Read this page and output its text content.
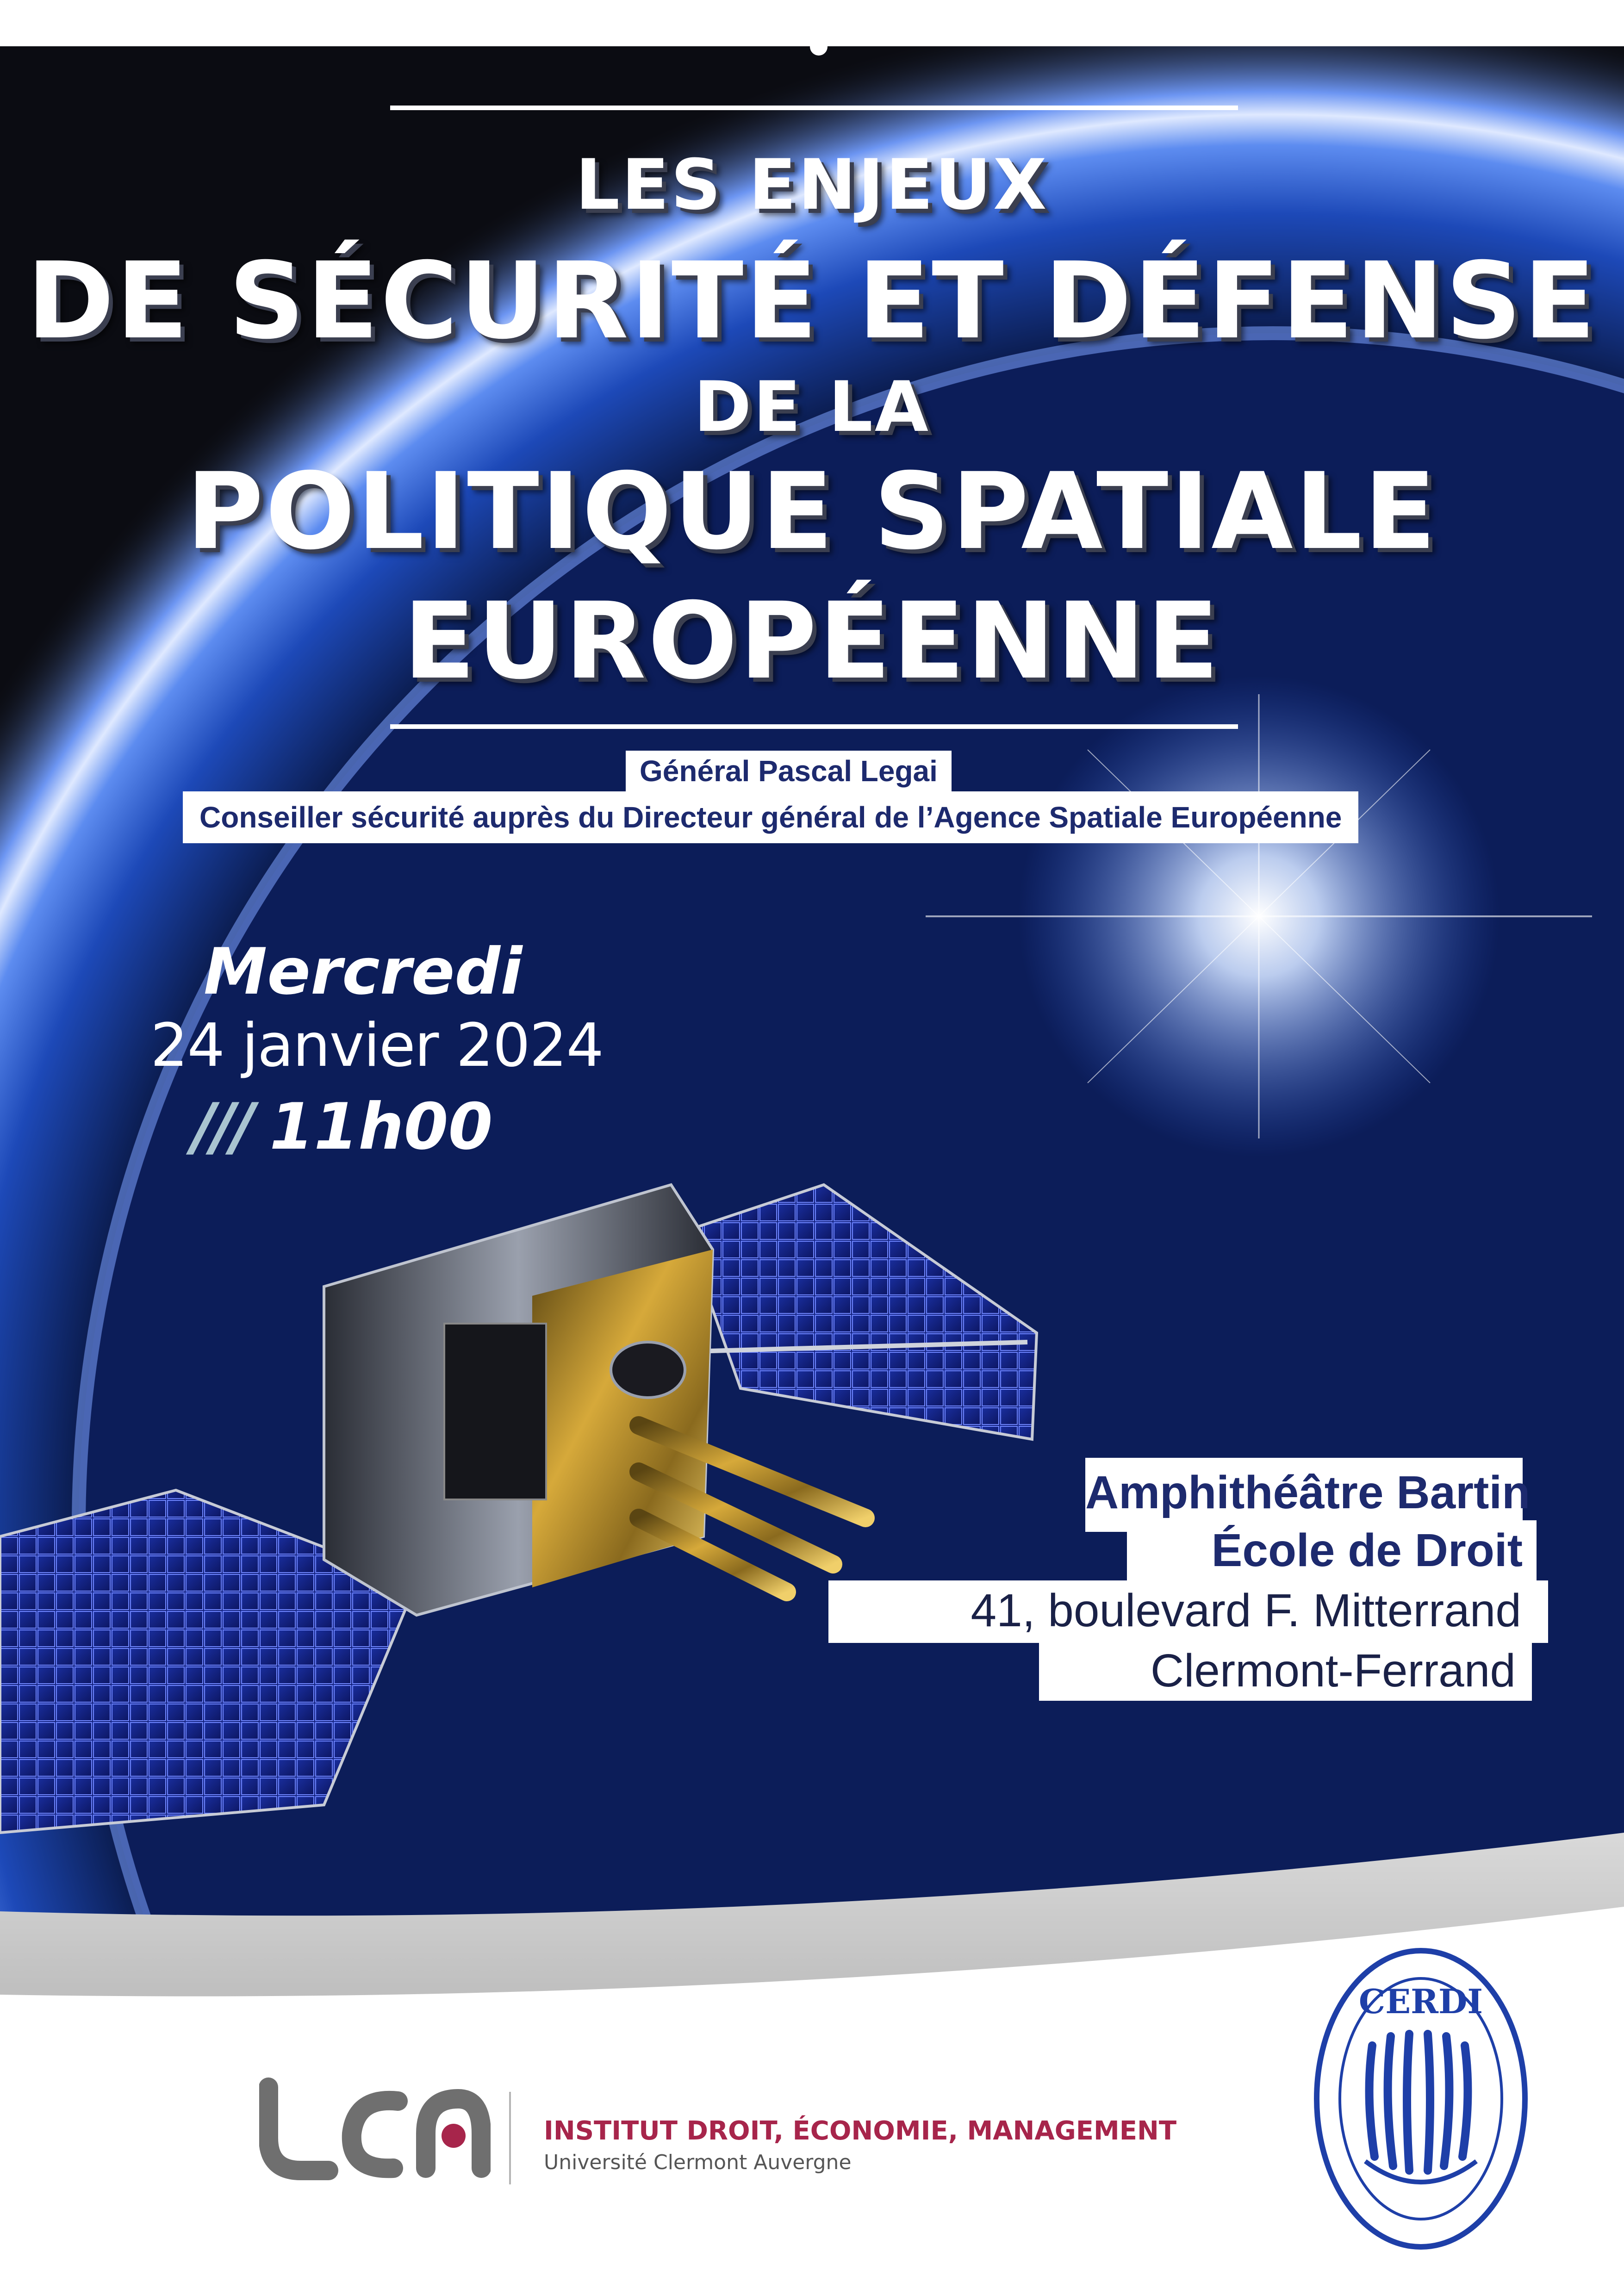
LES ENJEUX
DE SÉCURITÉ ET DÉFENSE
DE LA
POLITIQUE SPATIALE
EUROPÉENNE
Général Pascal Legai
Conseiller sécurité auprès du Directeur général de l’Agence Spatiale Européenne
Mercredi
24 janvier 2024
/// 11h00
Amphithéâtre Bartin
École de Droit
41, boulevard F. Mitterrand
Clermont-Ferrand
INSTITUT DROIT, ÉCONOMIE, MANAGEMENT
Université Clermont Auvergne
CERDI
